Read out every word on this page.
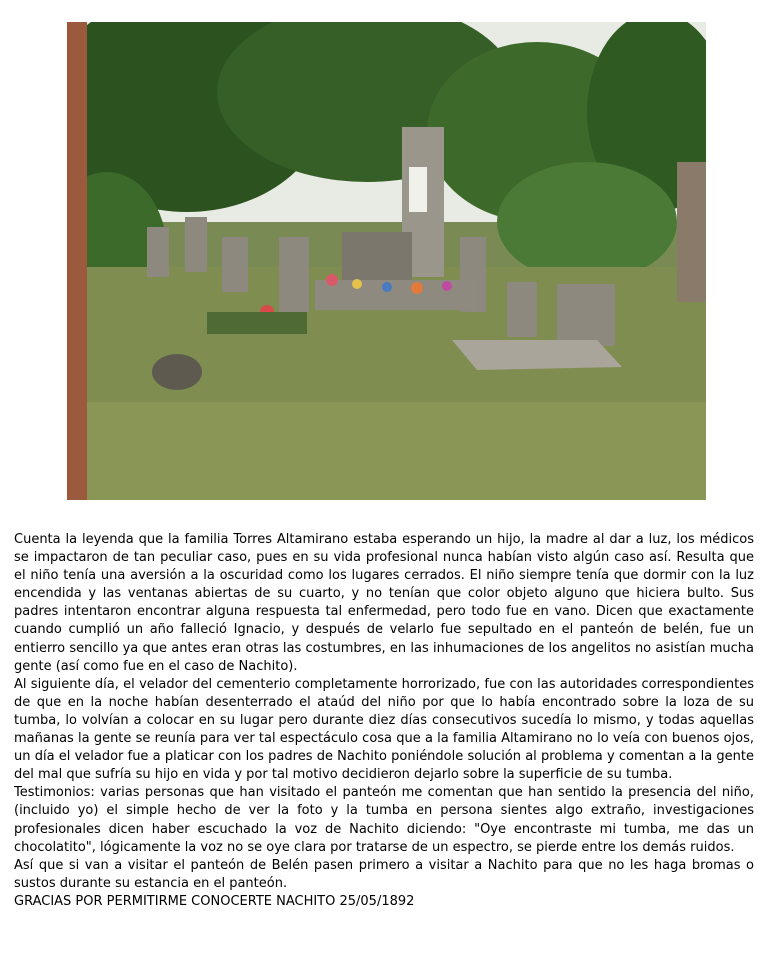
Cuenta la leyenda que la familia Torres Altamirano estaba esperando un hijo, la madre al dar a luz, los médicos se impactaron de tan peculiar caso, pues en su vida profesional nunca habían visto algún caso así. Resulta que el niño tenía una aversión a la oscuridad como los lugares cerrados. El niño siempre tenía que dormir con la luz encendida y las ventanas abiertas de su cuarto, y no tenían que color objeto alguno que hiciera bulto. Sus padres intentaron encontrar alguna respuesta tal enfermedad, pero todo fue en vano. Dicen que exactamente cuando cumplió un año falleció Ignacio, y después de velarlo fue sepultado en el panteón de belén, fue un entierro sencillo ya que antes eran otras las costumbres, en las inhumaciones de los angelitos no asistían mucha gente (así como fue en el caso de Nachito).

Al siguiente día, el velador del cementerio completamente horrorizado, fue con las autoridades correspondientes de que en la noche habían desenterrado el ataúd del niño por que lo había encontrado sobre la loza de su tumba, lo volvían a colocar en su lugar pero durante diez días consecutivos sucedía lo mismo, y todas aquellas mañanas la gente se reunía para ver tal espectáculo cosa que a la familia Altamirano no lo veía con buenos ojos, un día el velador fue a platicar con los padres de Nachito poniéndole solución al problema y comentan a la gente del mal que sufría su hijo en vida y por tal motivo decidieron dejarlo sobre la superficie de su tumba.

Testimonios: varias personas que han visitado el panteón me comentan que han sentido la presencia del niño, (incluido yo) el simple hecho de ver la foto y la tumba en persona sientes algo extraño, investigaciones profesionales dicen haber escuchado la voz de Nachito diciendo: "Oye encontraste mi tumba, me das un chocolatito", lógicamente la voz no se oye clara por tratarse de un espectro, se pierde entre los demás ruidos.

Así que si van a visitar el panteón de Belén pasen primero a visitar a Nachito para que no les haga bromas o sustos durante su estancia en el panteón.

GRACIAS POR PERMITIRME CONOCERTE NACHITO 25/05/1892
